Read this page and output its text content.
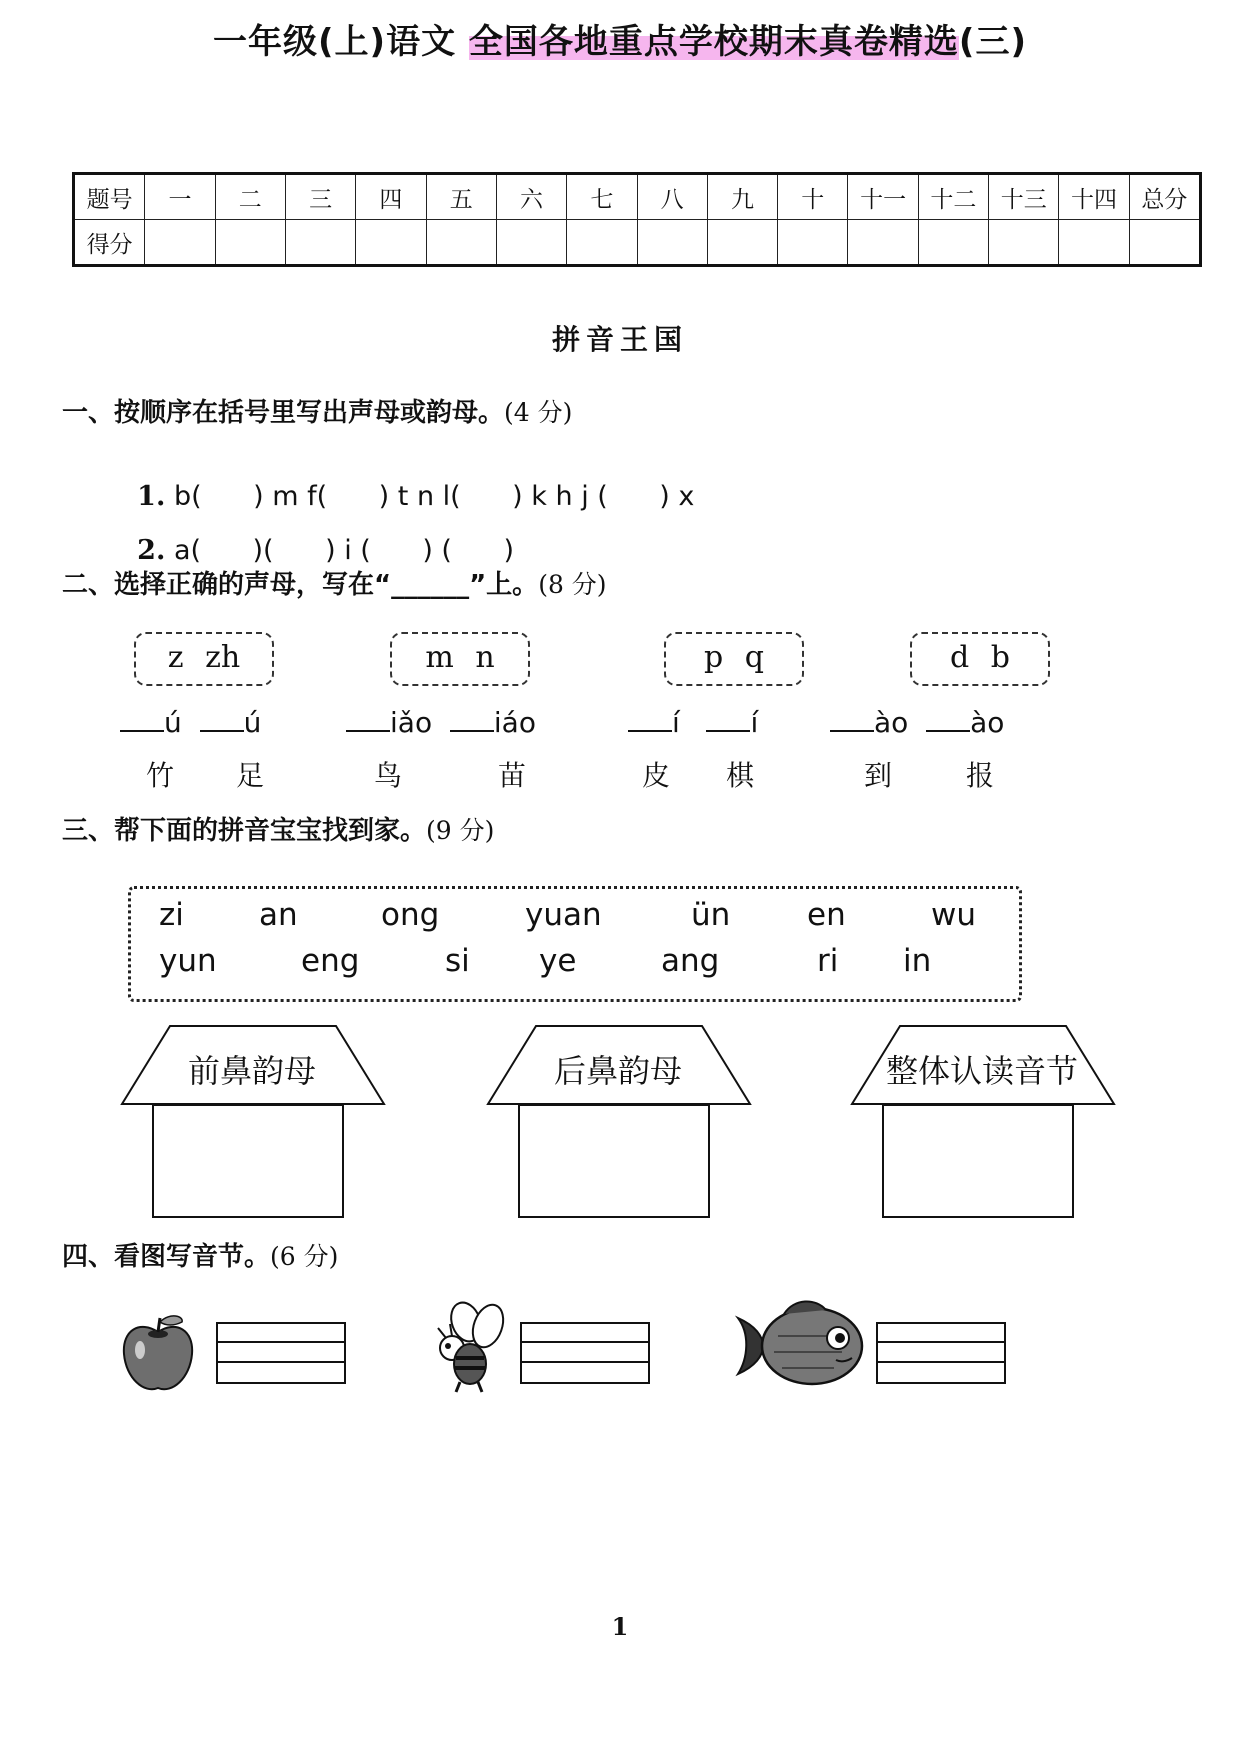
一年级(上)语文 全国各地重点学校期末真卷精选(三)
题号	一	二	三	四	五	六	七	八	九	十	十一	十二	十三	十四	总分
得分															
拼音王国
一、按顺序在括号里写出声母或韵母。(4 分)

1. b(      ) m f(      ) t n l(      ) k h j (      ) x

2. a(      )(      ) i (      ) (      )

二、选择正确的声母，写在“______”上。(8 分)
z zh
ú ú
竹 足
m n
iǎo iáo
鸟	苗
p q
í	í
皮 棋
d b
ào ào
到	报
三、帮下面的拼音宝宝找到家。(9 分)
zi an	ong	yuan	ün en	wu
yun	eng	si ye	ang	ri in
前鼻韵母	后鼻韵母	整体认读音节
四、看图写音节。(6 分)
1
